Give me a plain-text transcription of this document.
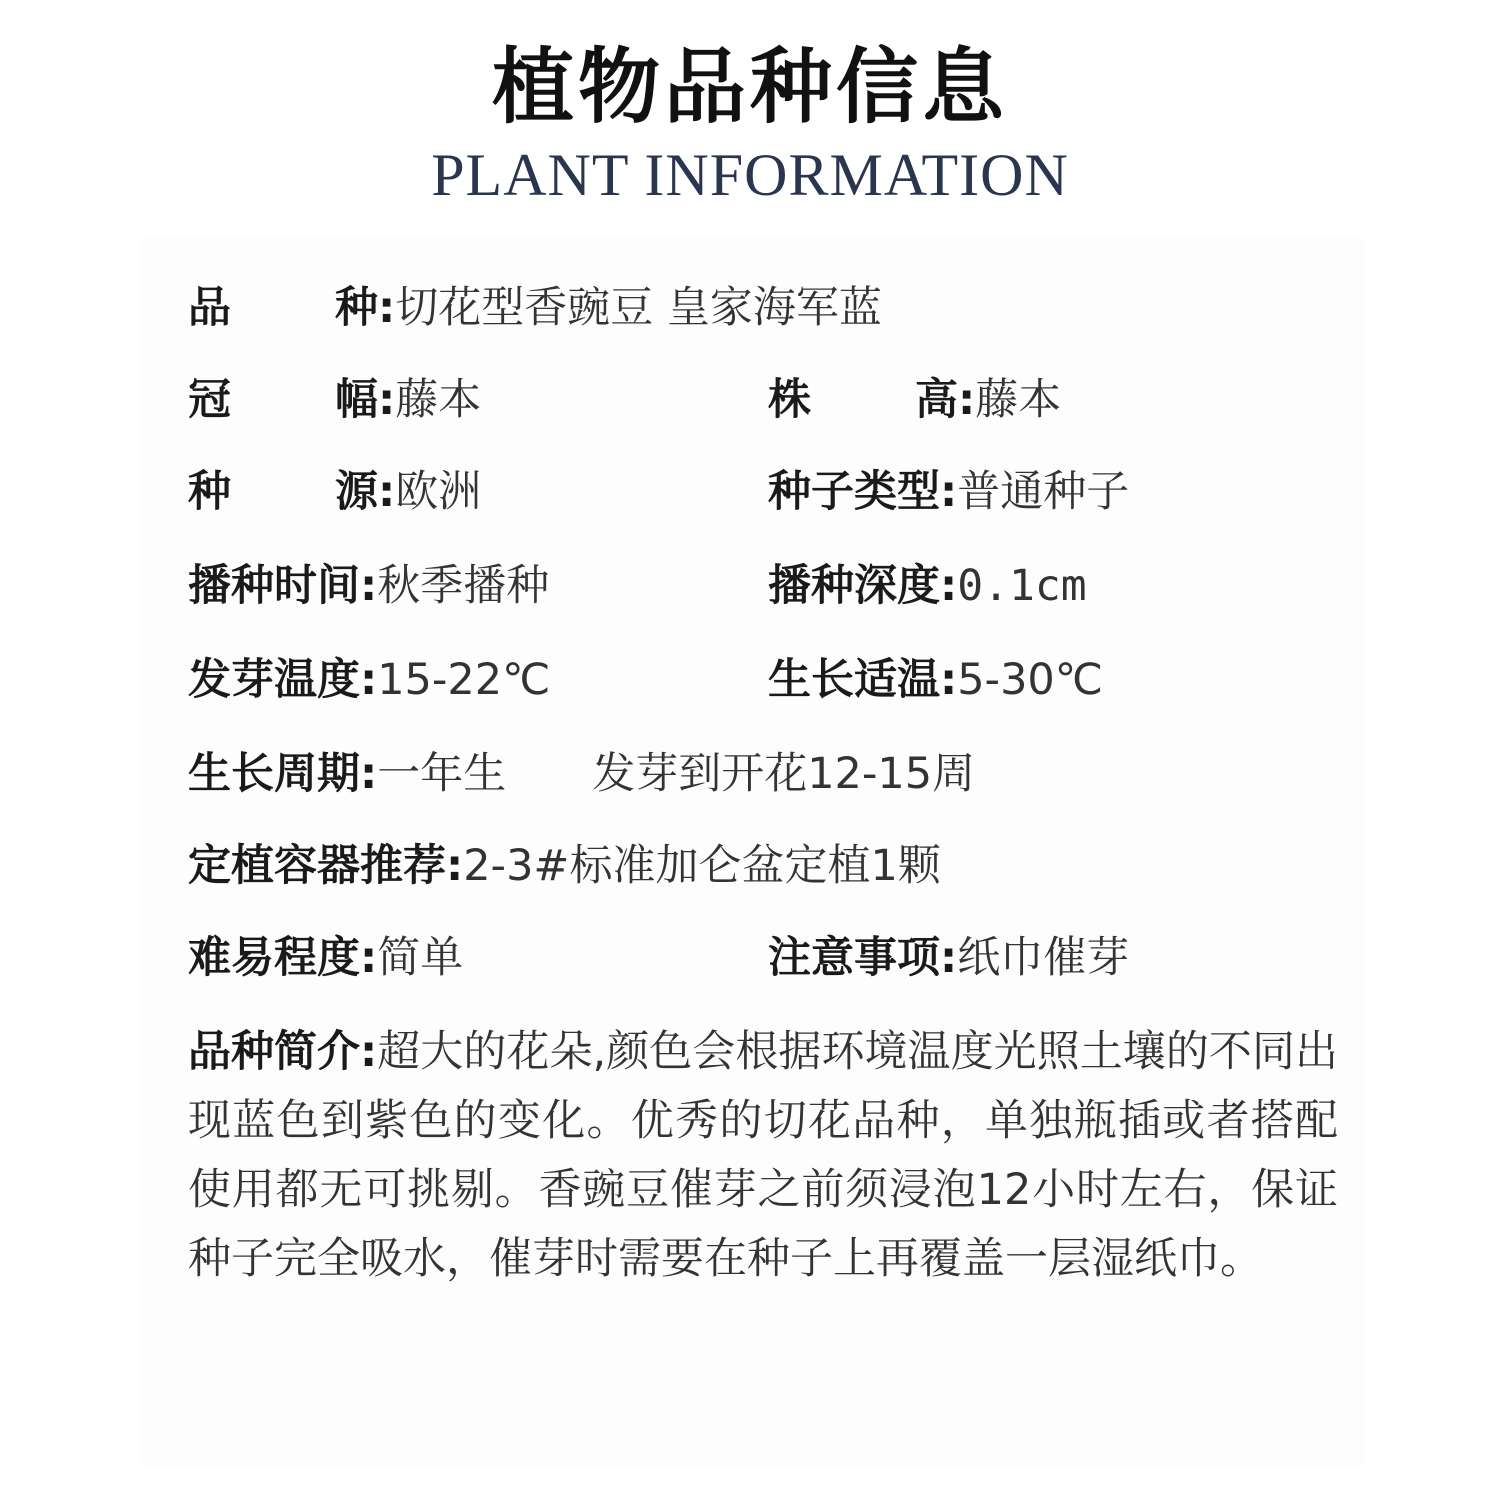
植物品种信息
PLANT INFORMATION
品 种 :切花型香豌豆 皇家海军蓝
冠 幅 :藤本	株 高 :藤本
种 源 :欧洲	种子类型:普通种子
播种时间:秋季播种	播种深度:0.1cm
发芽温度:15-22℃	生长适温:5-30℃
生长周期:一年生　　发芽到开花12-15周
定植容器推荐:2-3#标准加仑盆定植1颗
难易程度:简单	注意事项:纸巾催芽
品种简介:超大的花朵,颜色会根据环境温度光照土壤的不同出现蓝色到紫色的变化。优秀的切花品种，单独瓶插或者搭配使用都无可挑剔。香豌豆催芽之前须浸泡12小时左右，保证种子完全吸水，催芽时需要在种子上再覆盖一层湿纸巾。
